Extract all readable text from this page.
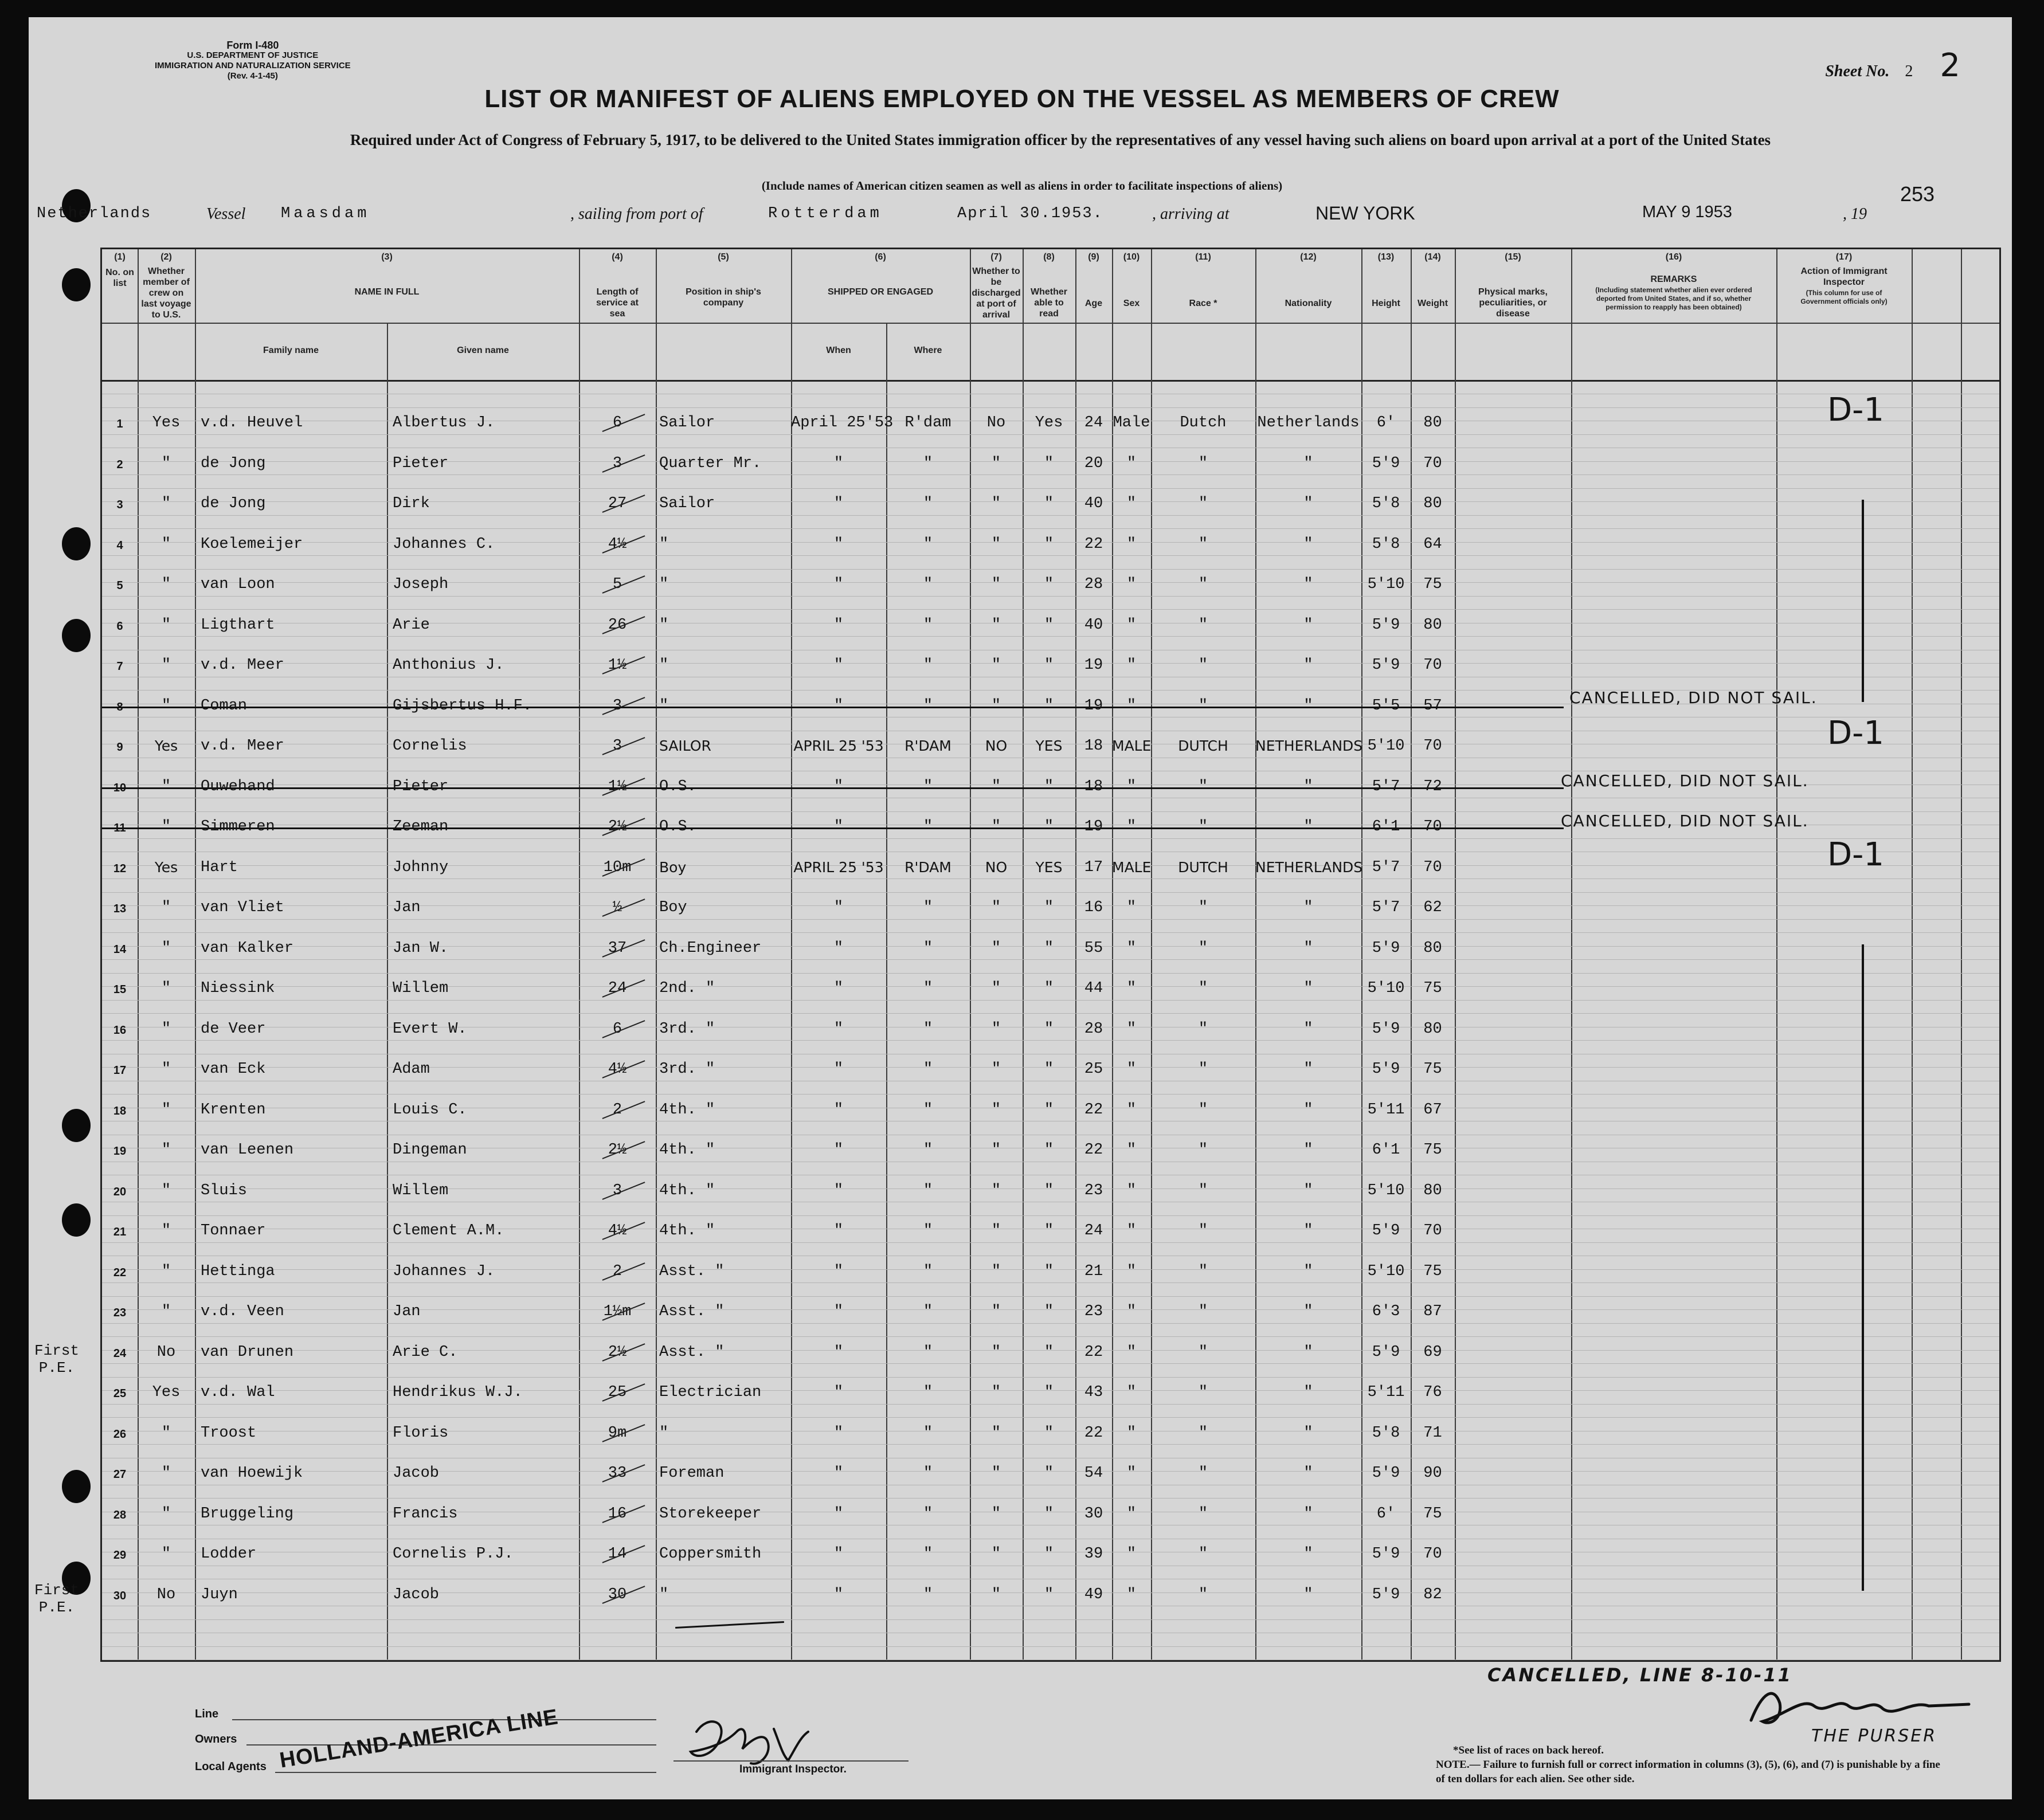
Form I-480
U.S. DEPARTMENT OF JUSTICE
IMMIGRATION AND NATURALIZATION SERVICE
(Rev. 4-1-45)	Sheet No. 2 2
LIST OR MANIFEST OF ALIENS EMPLOYED ON THE VESSEL AS MEMBERS OF CREW
Required under Act of Congress of February 5, 1917, to be delivered to the United States immigration officer by the representatives of any vessel having such aliens on board upon arrival at a port of the United States
(Include names of American citizen seamen as well as aliens in order to facilitate inspections of aliens)	253
Netherlands	Vessel Maasdam	, sailing from port of	Rotterdam	April 30.1953.	, arriving at	NEW YORK	MAY 9 1953	, 19
(1)
No. on list
(2)
Whether member of crew on last voyage to U.S.
(3)
NAME IN FULL
Family name	Given name
(4)
Length of service at sea
(5)
Position in ship's company
(6)
SHIPPED OR ENGAGED
When	Where
(7)
Whether to be discharged at port of arrival
(8)
Whether able to read
(9)
Age
(10)
Sex
(11)
Race *
(12)
Nationality
(13)
Height
(14)
Weight
(15)
Physical marks, peculiarities, or disease
(16)
REMARKS
(Including statement whether alien ever ordered deported from United States, and if so, whether permission to reapply has been obtained)
(17)
Action of Immigrant Inspector
(This column for use of Government officials only)
1	Yes	v.d. Heuvel	Albertus J.	6	Sailor	April 25'53 R'dam	No	Yes	24 Male	Dutch	Netherlands	6'	80	D-1
2	"	de Jong	Pieter	3	Quarter Mr.	"	"	"	"	20	"	"	"	5'9	70
3	"	de Jong	Dirk	27	Sailor	"	"	"	"	40	"	"	"	5'8	80
4	"	Koelemeijer	Johannes C.	4½	"	"	"	"	"	22	"	"	"	5'8	64
5	"	van Loon	Joseph	5	"	"	"	"	"	28	"	"	"	5'10	75
6	"	Ligthart	Arie	26	"	"	"	"	"	40	"	"	"	5'9	80
7	"	v.d. Meer	Anthonius J.	1½	"	"	"	"	"	19	"	"	"	5'9	70
8	"	Coman	Gijsbertus H.F.	3	"	"	"	"	"	19	"	"	"	5'5	57	CANCELLED, DID NOT SAIL.
9	Yes	v.d. Meer	Cornelis	3	SAILOR	APRIL 25 '53	R'DAM	NO	YES	18 MALE	DUTCH	NETHERLANDS 5'10	70	D-1
10	"	Ouwehand	Pieter	1½	O.S.	"	"	"	"	18	"	"	"	5'7	72	CANCELLED, DID NOT SAIL.
11	"	Simmeren	Zeeman	2½	O.S.	"	"	"	"	19	"	"	"	6'1	70	CANCELLED, DID NOT SAIL.
12	Yes	Hart	Johnny	10m	Boy	APRIL 25 '53	R'DAM	NO	YES	17 MALE	DUTCH	NETHERLANDS 5'7	70	D-1
13	"	van Vliet	Jan	½	Boy	"	"	"	"	16	"	"	"	5'7	62
14	"	van Kalker	Jan W.	37	Ch.Engineer	"	"	"	"	55	"	"	"	5'9	80
15	"	Niessink	Willem	24	2nd. "	"	"	"	"	44	"	"	"	5'10	75
16	"	de Veer	Evert W.	6	3rd. "	"	"	"	"	28	"	"	"	5'9	80
17	"	van Eck	Adam	4½	3rd. "	"	"	"	"	25	"	"	"	5'9	75
18	"	Krenten	Louis C.	2	4th. "	"	"	"	"	22	"	"	"	5'11	67
19	"	van Leenen	Dingeman	2½	4th. "	"	"	"	"	22	"	"	"	6'1	75
20	"	Sluis	Willem	3	4th. "	"	"	"	"	23	"	"	"	5'10	80
21	"	Tonnaer	Clement A.M.	4½	4th. "	"	"	"	"	24	"	"	"	5'9	70
22	"	Hettinga	Johannes J.	2	Asst. "	"	"	"	"	21	"	"	"	5'10	75
23	"	v.d. Veen	Jan	1½m	Asst. "	"	"	"	"	23	"	"	"	6'3	87
24	No	van Drunen	Arie C.	2½	Asst. "	"	"	"	"	22	"	"	"	5'9	69
25	Yes	v.d. Wal	Hendrikus W.J.	25	Electrician	"	"	"	"	43	"	"	"	5'11	76
26	"	Troost	Floris	9m	"	"	"	"	"	22	"	"	"	5'8	71
27	"	van Hoewijk	Jacob	33	Foreman	"	"	"	"	54	"	"	"	5'9	90
28	"	Bruggeling	Francis	16	Storekeeper	"	"	"	"	30	"	"	"	6'	75
29	"	Lodder	Cornelis P.J.	14	Coppersmith	"	"	"	"	39	"	"	"	5'9	70
30	No	Juyn	Jacob	30	"	"	"	"	"	49	"	"	"	5'9	82
First
P.E.
First
P.E.
Line
Owners
Local Agents HOLLAND-AMERICA LINE	Immigrant Inspector.
CANCELLED, LINE 8-10-11
THE PURSER
*See list of races on back hereof.
NOTE.— Failure to furnish full or correct information in columns (3), (5), (6), and (7) is punishable by a fine of ten dollars for each alien. See other side.
